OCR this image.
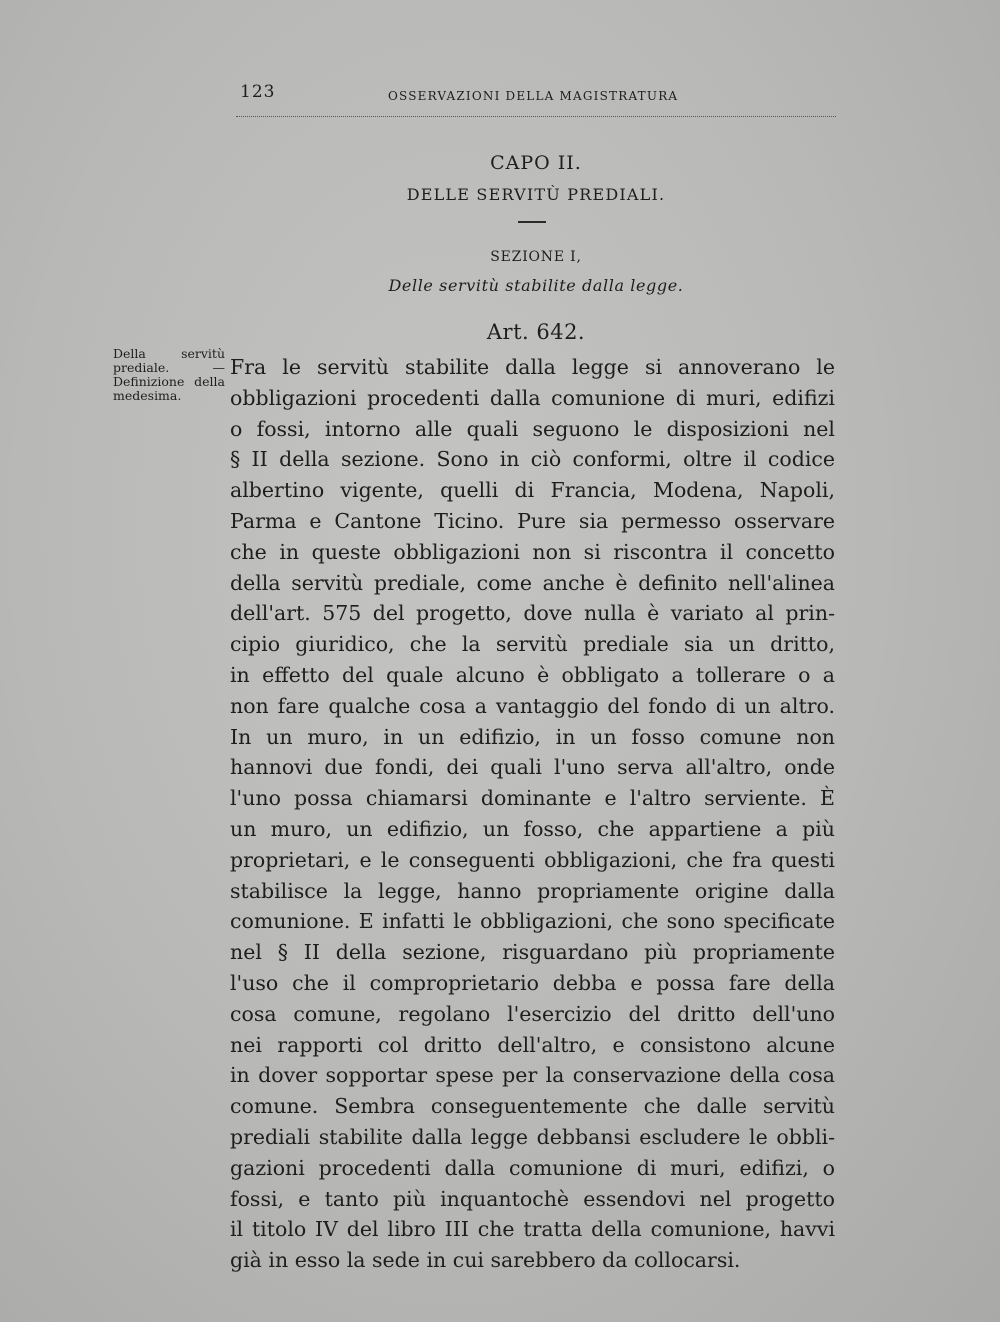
123	OSSERVAZIONI DELLA MAGISTRATURA
CAPO II.
DELLE SERVITÙ PREDIALI.
SEZIONE I,
Delle servitù stabilite dalla legge.
Art. 642.
Della servitù prediale. — Definizione della medesima.
Fra le servitù stabilite dalla legge si annoverano le
obbligazioni procedenti dalla comunione di muri, edifizi
o fossi, intorno alle quali seguono le disposizioni nel
§ II della sezione. Sono in ciò conformi, oltre il codice
albertino vigente, quelli di Francia, Modena, Napoli,
Parma e Cantone Ticino. Pure sia permesso osservare
che in queste obbligazioni non si riscontra il concetto
della servitù prediale, come anche è definito nell'alinea
dell'art. 575 del progetto, dove nulla è variato al prin-
cipio giuridico, che la servitù prediale sia un dritto,
in effetto del quale alcuno è obbligato a tollerare o a
non fare qualche cosa a vantaggio del fondo di un altro.
In un muro, in un edifizio, in un fosso comune non
hannovi due fondi, dei quali l'uno serva all'altro, onde
l'uno possa chiamarsi dominante e l'altro serviente. È
un muro, un edifizio, un fosso, che appartiene a più
proprietari, e le conseguenti obbligazioni, che fra questi
stabilisce la legge, hanno propriamente origine dalla
comunione. E infatti le obbligazioni, che sono specificate
nel § II della sezione, risguardano più propriamente
l'uso che il comproprietario debba e possa fare della
cosa comune, regolano l'esercizio del dritto dell'uno
nei rapporti col dritto dell'altro, e consistono alcune
in dover sopportar spese per la conservazione della cosa
comune. Sembra conseguentemente che dalle servitù
prediali stabilite dalla legge debbansi escludere le obbli-
gazioni procedenti dalla comunione di muri, edifizi, o
fossi, e tanto più inquantochè essendovi nel progetto
il titolo IV del libro III che tratta della comunione, havvi
già in esso la sede in cui sarebbero da collocarsi.
